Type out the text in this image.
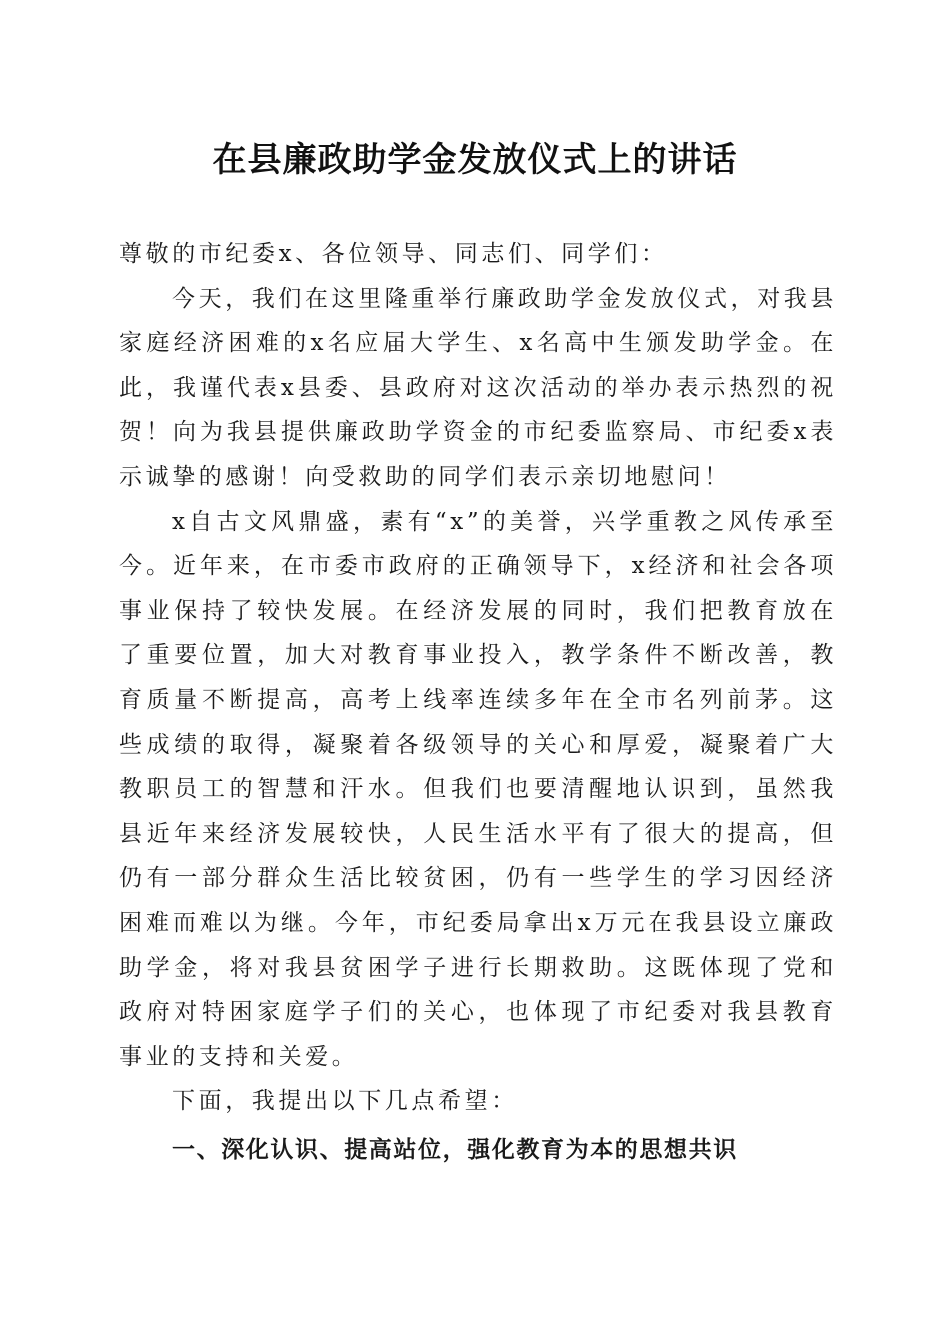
在县廉政助学金发放仪式上的讲话

尊敬的市纪委x、各位领导、同志们、同学们：

今天，我们在这里隆重举行廉政助学金发放仪式，对我县家庭经济困难的x名应届大学生、x名高中生颁发助学金。在此，我谨代表x县委、县政府对这次活动的举办表示热烈的祝贺！向为我县提供廉政助学资金的市纪委监察局、市纪委x表示诚挚的感谢！向受救助的同学们表示亲切地慰问！

x自古文风鼎盛，素有“x”的美誉，兴学重教之风传承至今。近年来，在市委市政府的正确领导下，x经济和社会各项事业保持了较快发展。在经济发展的同时，我们把教育放在了重要位置，加大对教育事业投入，教学条件不断改善，教育质量不断提高，高考上线率连续多年在全市名列前茅。这些成绩的取得，凝聚着各级领导的关心和厚爱，凝聚着广大教职员工的智慧和汗水。但我们也要清醒地认识到，虽然我县近年来经济发展较快，人民生活水平有了很大的提高，但仍有一部分群众生活比较贫困，仍有一些学生的学习因经济困难而难以为继。今年，市纪委局拿出x万元在我县设立廉政助学金，将对我县贫困学子进行长期救助。这既体现了党和政府对特困家庭学子们的关心，也体现了市纪委对我县教育事业的支持和关爱。

下面，我提出以下几点希望：

一、深化认识、提高站位，强化教育为本的思想共识
